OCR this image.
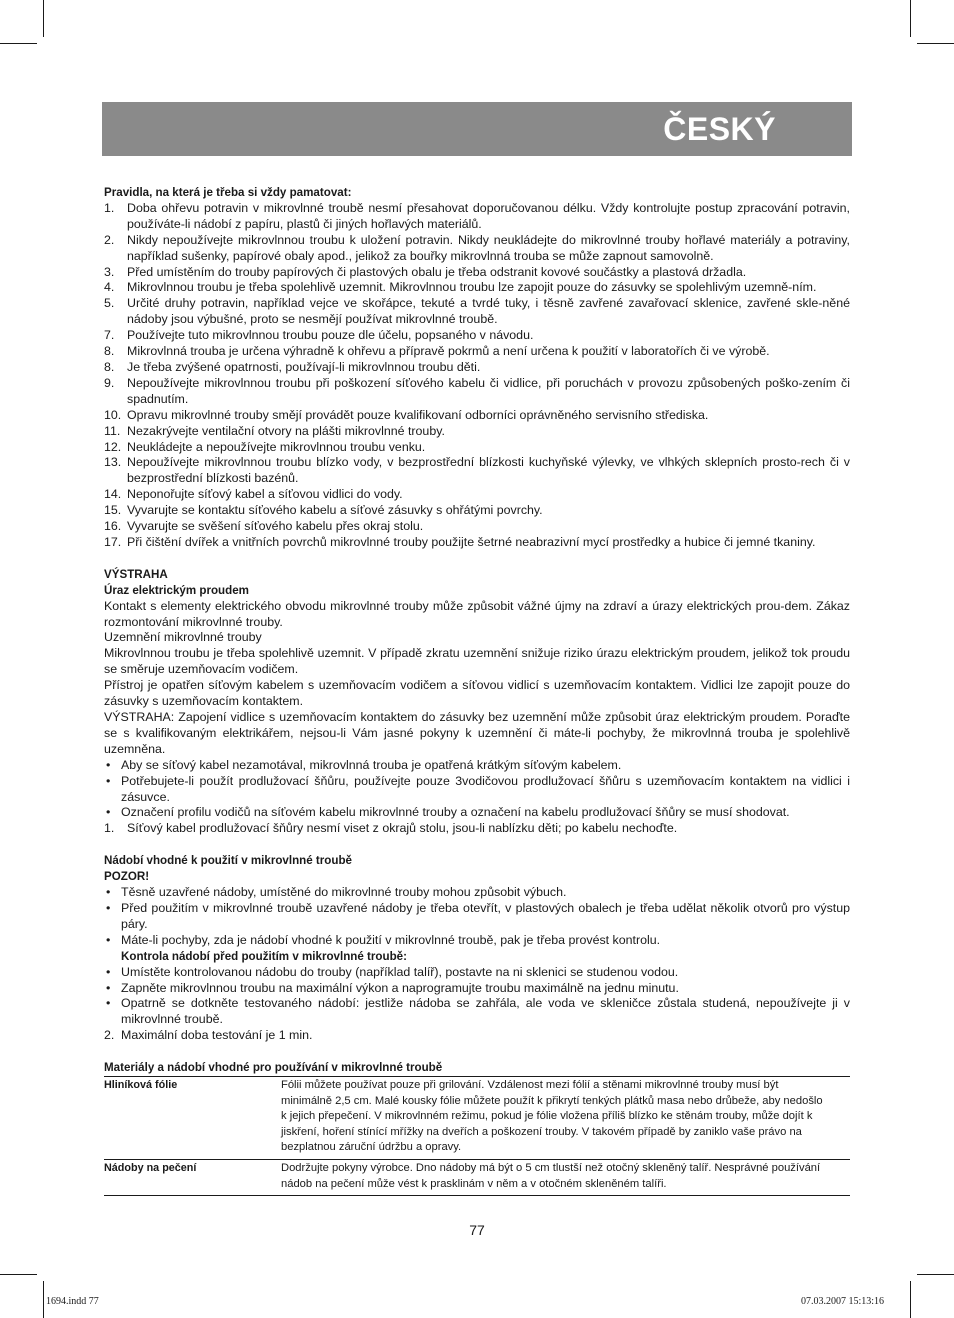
ČESKÝ
Pravidla, na která je třeba si vždy pamatovat:
1. Doba ohřevu potravin v mikrovlnné troubě nesmí přesahovat doporučovanou délku. Vždy kontrolujte postup zpracování potravin, používáte-li nádobí z papíru, plastů či jiných hořlavých materiálů.
2. Nikdy nepoužívejte mikrovlnnou troubu k uložení potravin. Nikdy neukládejte do mikrovlnné trouby hořlavé materiály a potraviny, například sušenky, papírové obaly apod., jelikož za bouřky mikrovlnná trouba se může zapnout samovolně.
3. Před umístěním do trouby papírových či plastových obalu je třeba odstranit kovové součástky a plastová držadla.
4. Mikrovlnnou troubu je třeba spolehlivě uzemnit. Mikrovlnnou troubu lze zapojit pouze do zásuvky se spolehlivým uzemně-ním.
5. Určité druhy potravin, například vejce ve skořápce, tekuté a tvrdé tuky, i těsně zavřené zavařovací sklenice, zavřené skle-něné nádoby jsou výbušné, proto se nesmějí používat mikrovlnné troubě.
7. Používejte tuto mikrovlnnou troubu pouze dle účelu, popsaného v návodu.
8. Mikrovlnná trouba je určena výhradně k ohřevu a přípravě pokrmů a není určena k použití v laboratořích či ve výrobě.
8. Je třeba zvýšené opatrnosti, používají-li mikrovlnnou troubu děti.
9. Nepoužívejte mikrovlnnou troubu při poškození síťového kabelu či vidlice, při poruchách v provozu způsobených poško-zením či spadnutím.
10. Opravu mikrovlnné trouby smějí provádět pouze kvalifikovaní odborníci oprávněného servisního střediska.
11. Nezakrývejte ventilační otvory na plášti mikrovlnné trouby.
12. Neukládejte a nepoužívejte mikrovlnnou troubu venku.
13. Nepoužívejte mikrovlnnou troubu blízko vody, v bezprostřední blízkosti kuchyňské výlevky, ve vlhkých sklepních prosto-rech či v bezprostřední blízkosti bazénů.
14. Neponořujte síťový kabel a síťovou vidlici do vody.
15. Vyvarujte se kontaktu síťového kabelu a síťové zásuvky s ohřátými povrchy.
16. Vyvarujte se svěšení síťového kabelu přes okraj stolu.
17. Při čištění dvířek a vnitřních povrchů mikrovlnné trouby použijte šetrné neabrazivní mycí prostředky a hubice či jemné tkaniny.
VÝSTRAHA
Úraz elektrickým proudem

Kontakt s elementy elektrického obvodu mikrovlnné trouby může způsobit vážné újmy na zdraví a úrazy elektrických prou-dem. Zákaz rozmontování mikrovlnné trouby.

Uzemnění mikrovlnné trouby

Mikrovlnnou troubu je třeba spolehlivě uzemnit. V případě zkratu uzemnění snižuje riziko úrazu elektrickým proudem, jelikož tok proudu se směruje uzemňovacím vodičem.

Přístroj je opatřen síťovým kabelem s uzemňovacím vodičem a síťovou vidlicí s uzemňovacím kontaktem. Vidlici lze zapojit pouze do zásuvky s uzemňovacím kontaktem.

VÝSTRAHA: Zapojení vidlice s uzemňovacím kontaktem do zásuvky bez uzemnění může způsobit úraz elektrickým proudem. Poraďte se s kvalifikovaným elektrikářem, nejsou-li Vám jasné pokyny k uzemnění či máte-li pochyby, že mikrovlnná trouba je spolehlivě uzemněna.

• Aby se síťový kabel nezamotával, mikrovlnná trouba je opatřená krátkým síťovým kabelem.
• Potřebujete-li použít prodlužovací šňůru, používejte pouze 3vodičovou prodlužovací šňůru s uzemňovacím kontaktem na vidlici i zásuvce.
• Označení profilu vodičů na síťovém kabelu mikrovlnné trouby a označení na kabelu prodlužovací šňůry se musí shodovat.
1. Síťový kabel prodlužovací šňůry nesmí viset z okrajů stolu, jsou-li nablízku děti; po kabelu nechoďte.
Nádobí vhodné k použití v mikrovlnné troubě
POZOR!
• Těsně uzavřené nádoby, umístěné do mikrovlnné trouby mohou způsobit výbuch.
• Před použitím v mikrovlnné troubě uzavřené nádoby je třeba otevřít, v plastových obalech je třeba udělat několik otvorů pro výstup páry.
• Máte-li pochyby, zda je nádobí vhodné k použití v mikrovlnné troubě, pak je třeba provést kontrolu.
Kontrola nádobí před použitím v mikrovlnné troubě:
• Umístěte kontrolovanou nádobu do trouby (například talíř), postavte na ni sklenici se studenou vodou.
• Zapněte mikrovlnnou troubu na maximální výkon a naprogramujte troubu maximálně na jednu minutu.
• Opatrně se dotkněte testovaného nádobí: jestliže nádoba se zahřála, ale voda ve skleničce zůstala studená, nepoužívejte ji v mikrovlnné troubě.
2. Maximální doba testování je 1 min.
Materiály a nádobí vhodné pro používání v mikrovlnné troubě
Hliníková fólie	Fólii můžete používat pouze při grilování. Vzdálenost mezi fólií a stěnami mikrovlnné trouby musí být minimálně 2,5 cm. Malé kousky fólie můžete použít k přikrytí tenkých plátků masa nebo drůbeže, aby nedošlo k jejich přepečení. V mikrovlnném režimu, pokud je fólie vložena příliš blízko ke stěnám trouby, může dojít k jiskření, hoření stínící mřížky na dveřích a poškození trouby. V takovém případě by zaniklo vaše právo na bezplatnou záruční údržbu a opravy.
Nádoby na pečení	Dodržujte pokyny výrobce. Dno nádoby má být o 5 cm tlustší než otočný skleněný talíř. Nesprávné používání nádob na pečení může vést k prasklinám v něm a v otočném skleněném talíři.
77
1694.indd 77	07.03.2007 15:13:16
